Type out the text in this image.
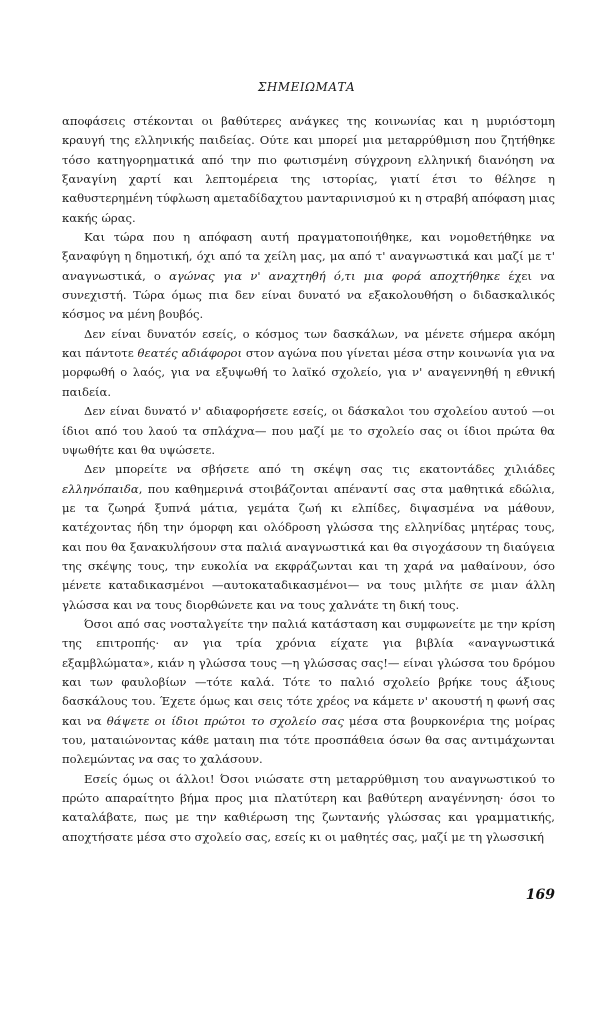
ΣΗΜΕΙΩΜΑΤΑ

αποφάσεις στέκονται οι βαθύτερες ανάγκες της κοινωνίας και η μυριόστομη κραυγή της ελληνικής παιδείας. Ούτε και μπορεί μια μεταρρύθμιση που ζητήθηκε τόσο κατηγορηματικά από την πιο φωτισμένη σύγχρονη ελληνική διανόηση να ξαναγίνη χαρτί και λεπτομέρεια της ιστορίας, γιατί έτσι το θέλησε η καθυστερημένη τύφλωση αμεταδίδαχτου μανταρινισμού κι η στραβή απόφαση μιας κακής ώρας.

Και τώρα που η απόφαση αυτή πραγματοποιήθηκε, και νομοθετήθηκε να ξαναφύγη η δημοτική, όχι από τα χείλη μας, μα από τ' αναγνωστικά και μαζί με τ' αναγνωστικά, ο αγώνας για ν' αναχτηθή ό,τι μια φορά αποχτήθηκε έχει να συνεχιστή. Τώρα όμως πια δεν είναι δυνατό να εξακολουθήση ο διδασκαλικός κόσμος να μένη βουβός.

Δεν είναι δυνατόν εσείς, ο κόσμος των δασκάλων, να μένετε σήμερα ακόμη και πάντοτε θεατές αδιάφοροι στον αγώνα που γίνεται μέσα στην κοινωνία για να μορφωθή ο λαός, για να εξυψωθή το λαϊκό σχολείο, για ν' αναγεννηθή η εθνική παιδεία.

Δεν είναι δυνατό ν' αδιαφορήσετε εσείς, οι δάσκαλοι του σχολείου αυτού —οι ίδιοι από του λαού τα σπλάχνα— που μαζί με το σχολείο σας οι ίδιοι πρώτα θα υψωθήτε και θα υψώσετε.

Δεν μπορείτε να σβήσετε από τη σκέψη σας τις εκατοντάδες χιλιάδες ελληνόπαιδα, που καθημερινά στοιβάζονται απέναντί σας στα μαθητικά εδώλια, με τα ζωηρά ξυπνά μάτια, γεμάτα ζωή κι ελπίδες, διψασμένα να μάθουν, κατέχοντας ήδη την όμορφη και ολόδροση γλώσσα της ελληνίδας μητέρας τους, και που θα ξανακυλήσουν στα παλιά αναγνωστικά και θα σιγοχάσουν τη διαύγεια της σκέψης τους, την ευκολία να εκφράζωνται και τη χαρά να μαθαίνουν, όσο μένετε καταδικασμένοι —αυτοκαταδικασμένοι— να τους μιλήτε σε μιαν άλλη γλώσσα και να τους διορθώνετε και να τους χαλνάτε τη δική τους.

Όσοι από σας νοσταλγείτε την παλιά κατάσταση και συμφωνείτε με την κρίση της επιτροπής· αν για τρία χρόνια είχατε για βιβλία «αναγνωστικά εξαμβλώματα», κιάν η γλώσσα τους —η γλώσσας σας!— είναι γλώσσα του δρόμου και των φαυλοβίων —τότε καλά. Τότε το παλιό σχολείο βρήκε τους άξιους δασκάλους του. Έχετε όμως και σεις τότε χρέος να κάμετε ν' ακουστή η φωνή σας και να θάψετε οι ίδιοι πρώτοι το σχολείο σας μέσα στα βουρκονέρια της μοίρας του, ματαιώνοντας κάθε ματαιη πια τότε προσπάθεια όσων θα σας αντιμάχωνται πολεμώντας να σας το χαλάσουν.

Εσείς όμως οι άλλοι! Όσοι νιώσατε στη μεταρρύθμιση του αναγνωστικού το πρώτο απαραίτητο βήμα προς μια πλατύτερη και βαθύτερη αναγέννηση· όσοι το καταλάβατε, πως με την καθιέρωση της ζωντανής γλώσσας και γραμματικής, αποχτήσατε μέσα στο σχολείο σας, εσείς κι οι μαθητές σας, μαζί με τη γλωσσική

169
